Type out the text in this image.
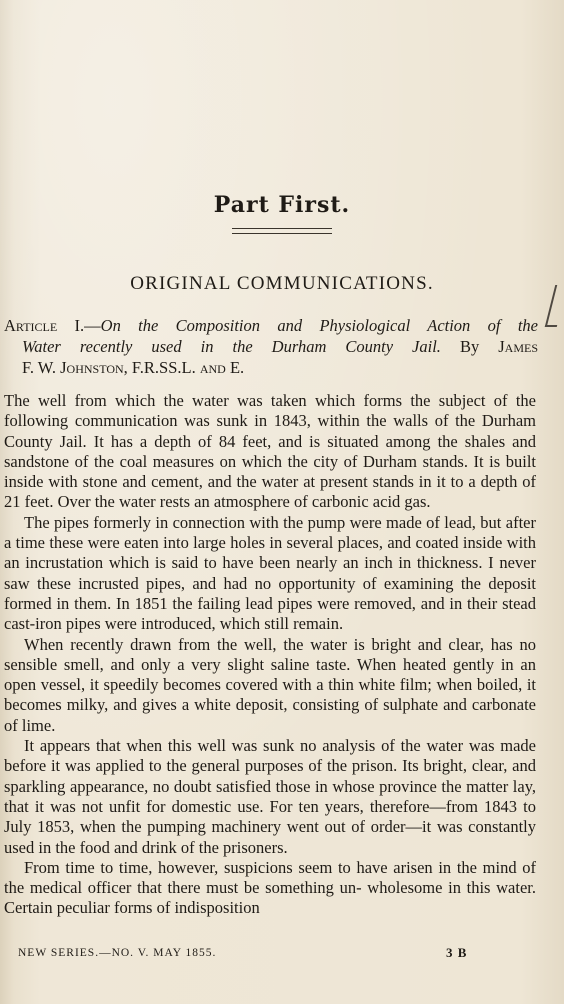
Part First.
ORIGINAL COMMUNICATIONS.
Article I.—On the Composition and Physiological Action of the
Water recently used in the Durham County Jail. By James
F. W. Johnston, F.R.SS.L. and E.

The well from which the water was taken which forms the subject of the following communication was sunk in 1843, within the walls of the Durham County Jail. It has a depth of 84 feet, and is situated among the shales and sandstone of the coal measures on which the city of Durham stands. It is built inside with stone and cement, and the water at present stands in it to a depth of 21 feet. Over the water rests an atmosphere of carbonic acid gas.

The pipes formerly in connection with the pump were made of lead, but after a time these were eaten into large holes in several places, and coated inside with an incrustation which is said to have been nearly an inch in thickness. I never saw these incrusted pipes, and had no opportunity of examining the deposit formed in them. In 1851 the failing lead pipes were removed, and in their stead cast-iron pipes were introduced, which still remain.

When recently drawn from the well, the water is bright and clear, has no sensible smell, and only a very slight saline taste. When heated gently in an open vessel, it speedily becomes covered with a thin white film; when boiled, it becomes milky, and gives a white deposit, consisting of sulphate and carbonate of lime.

It appears that when this well was sunk no analysis of the water was made before it was applied to the general purposes of the prison. Its bright, clear, and sparkling appearance, no doubt satisfied those in whose province the matter lay, that it was not unfit for domestic use. For ten years, therefore—from 1843 to July 1853, when the pumping machinery went out of order—it was constantly used in the food and drink of the prisoners.

From time to time, however, suspicions seem to have arisen in the mind of the medical officer that there must be something un- wholesome in this water. Certain peculiar forms of indisposition

NEW SERIES.—NO. V. MAY 1855.	3 B
